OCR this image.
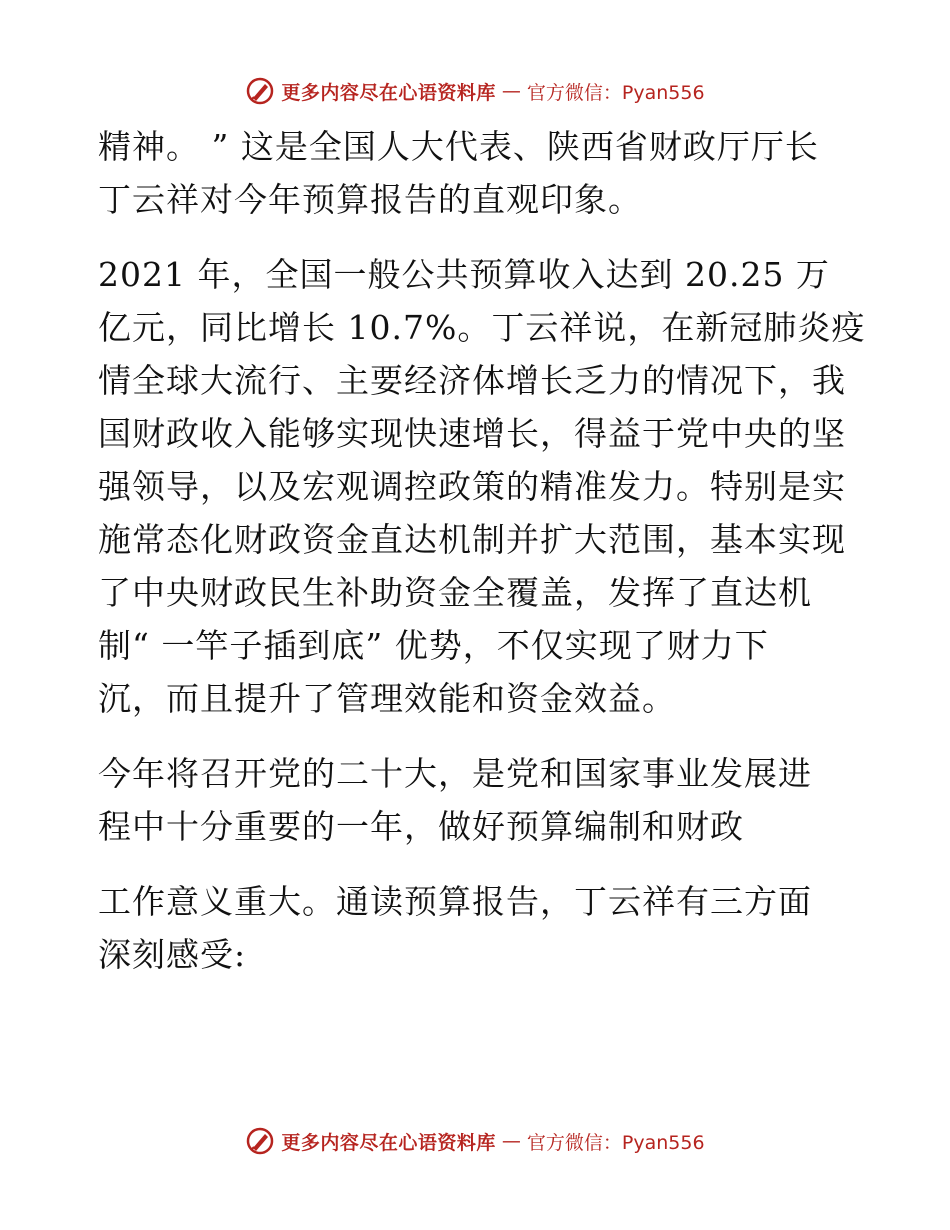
更多内容尽在心语资料库 — 官方微信：Pyan556
精神。 ” 这是全国人大代表、陕西省财政厅厅长
丁云祥对今年预算报告的直观印象。
2021 年，全国一般公共预算收入达到 20.25 万
亿元，同比增长 10.7%。丁云祥说，在新冠肺炎疫
情全球大流行、主要经济体增长乏力的情况下，我
国财政收入能够实现快速增长，得益于党中央的坚
强领导，以及宏观调控政策的精准发力。特别是实
施常态化财政资金直达机制并扩大范围，基本实现
了中央财政民生补助资金全覆盖，发挥了直达机
制“ 一竿子插到底” 优势，不仅实现了财力下
沉，而且提升了管理效能和资金效益。
今年将召开党的二十大，是党和国家事业发展进
程中十分重要的一年，做好预算编制和财政
工作意义重大。通读预算报告，丁云祥有三方面
深刻感受:
更多内容尽在心语资料库 — 官方微信：Pyan556
